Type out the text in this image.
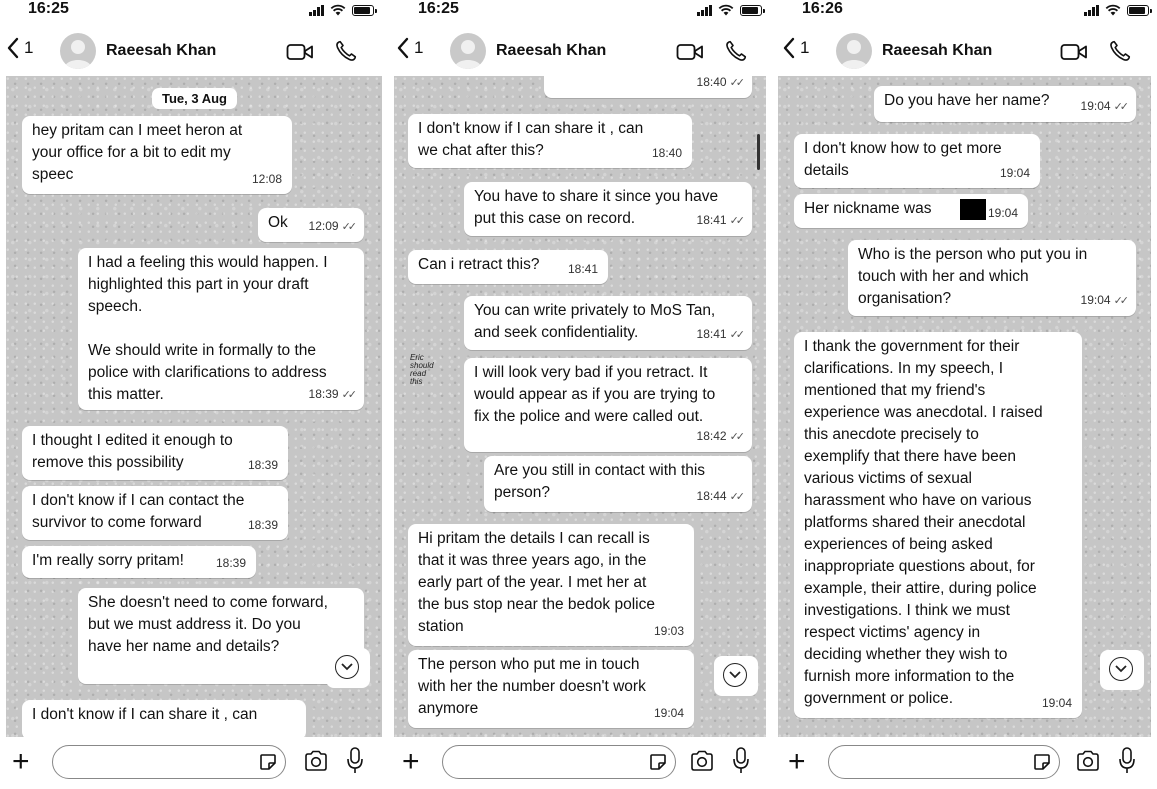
16:25
1	Raeesah Khan
Tue, 3 Aug
hey pritam can I meet heron at
your office for a bit to edit my
speec	12:08
Ok 12:09 ✓✓
I had a feeling this would happen. I
highlighted this part in your draft
speech.

We should write in formally to the
police with clarifications to address
this matter.	18:39 ✓✓
I thought I edited it enough to
remove this possibility	18:39
I don't know if I can contact the
survivor to come forward	18:39
I'm really sorry pritam!	18:39
She doesn't need to come forward,
but we must address it. Do you
have her name and details?
I don't know if I can share it , can
+
16:25
1	Raeesah Khan
18:40 ✓✓
I don't know if I can share it , can
we chat after this?	18:40
You have to share it since you have
put this case on record.	18:41 ✓✓
Can i retract this? 18:41
You can write privately to MoS Tan,
and seek confidentiality.	18:41 ✓✓
I will look very bad if you retract. It
would appear as if you are trying to
fix the police and were called out.
18:42 ✓✓
Eric
should
read
this
Are you still in contact with this
person?	18:44 ✓✓
Hi pritam the details I can recall is
that it was three years ago, in the
early part of the year. I met her at
the bus stop near the bedok police
station	19:03
The person who put me in touch
with her the number doesn't work
anymore	19:04
+
16:26
1	Raeesah Khan
Do you have her name?	19:04 ✓✓
I don't know how to get more
details	19:04
Her nickname was	19:04
Who is the person who put you in
touch with her and which
organisation?	19:04 ✓✓
I thank the government for their
clarifications. In my speech, I
mentioned that my friend's
experience was anecdotal. I raised
this anecdote precisely to
exemplify that there have been
various victims of sexual
harassment who have on various
platforms shared their anecdotal
experiences of being asked
inappropriate questions about, for
example, their attire, during police
investigations. I think we must
respect victims' agency in
deciding whether they wish to
furnish more information to the
government or police.	19:04
+
